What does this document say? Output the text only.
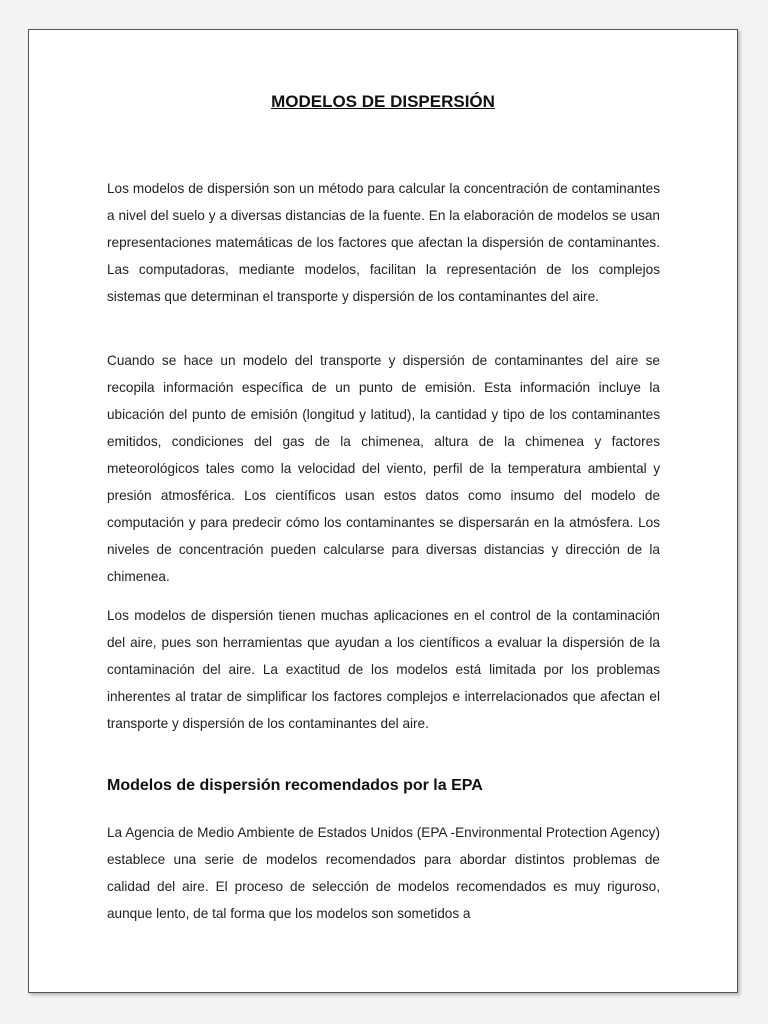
MODELOS DE DISPERSIÓN

Los modelos de dispersión son un método para calcular la concentración de contaminantes a nivel del suelo y a diversas distancias de la fuente. En la elaboración de modelos se usan representaciones matemáticas de los factores que afectan la dispersión de contaminantes. Las computadoras, mediante modelos, facilitan la representación de los complejos sistemas que determinan el transporte y dispersión de los contaminantes del aire.

Cuando se hace un modelo del transporte y dispersión de contaminantes del aire se recopila información específica de un punto de emisión. Esta información incluye la ubicación del punto de emisión (longitud y latitud), la cantidad y tipo de los contaminantes emitidos, condiciones del gas de la chimenea, altura de la chimenea y factores meteorológicos tales como la velocidad del viento, perfil de la temperatura ambiental y presión atmosférica. Los científicos usan estos datos como insumo del modelo de computación y para predecir cómo los contaminantes se dispersarán en la atmósfera. Los niveles de concentración pueden calcularse para diversas distancias y dirección de la chimenea.

Los modelos de dispersión tienen muchas aplicaciones en el control de la contaminación del aire, pues son herramientas que ayudan a los científicos a evaluar la dispersión de la contaminación del aire. La exactitud de los modelos está limitada por los problemas inherentes al tratar de simplificar los factores complejos e interrelacionados que afectan el transporte y dispersión de los contaminantes del aire.

Modelos de dispersión recomendados por la EPA

La Agencia de Medio Ambiente de Estados Unidos (EPA -Environmental Protection Agency) establece una serie de modelos recomendados para abordar distintos problemas de calidad del aire. El proceso de selección de modelos recomendados es muy riguroso, aunque lento, de tal forma que los modelos son sometidos a
